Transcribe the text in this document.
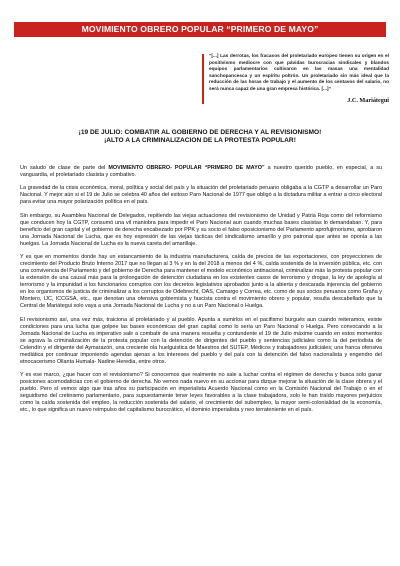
MOVIMIENTO OBRERO POPULAR “PRIMERO DE MAYO”

“[...] Las derrotas, los fracasos del proletariado europeo tienen su origen en el positivismo mediocre con que pávidas burocracias sindicales y blandos equipos parlamentarios cultivaron en las masas una mentalidad sanchopancesca y un espíritu poltrón. Un proletariado sin más ideal que la reducción de las horas de trabajo y el aumento de los centavos del salario, no será nunca capaz de una gran empresa histórica. [...]”

J.C. Mariátegui
¡19 DE JULIO: COMBATIR AL GOBIERNO DE DERECHA Y AL REVISIONISMO!
¡ALTO A LA CRIMINALIZACION DE LA PROTESTA POPULAR!

Un saludo de clase de parte del MOVIMIENTO OBRERO- POPULAR “PRIMERO DE MAYO” a nuestro querido pueblo, en especial, a su vanguardia, el proletariado clasista y combativo.

La gravedad de la crisis económica, moral, política y social del país y la situación del proletariado peruano obligaba a la CGTP a desarrollar un Paro Nacional. Y mejor aún si el 19 de Julio se celebra 40 años del exitoso Paro Nacional de 1977 que obligó a la dictadura militar a entrar a circo electoral para evitar una mayor polarización política en el país.

Sin embargo, su Asamblea Nacional de Delegados, repitiendo las viejas actuaciones del revisionismo de Unidad y Patria Roja como del reformismo que conducen hoy la CGTP, consumó una vil maniobra para impedir el Paro Nacional aun cuando muchas bases clasistas lo demandaban. Y, para beneficio del gran capital y el gobierno de derecha encabezado por PPK y su socio el falso oposicionismo del Parlamento aprofujimorismo, aprobaron una Jornada Nacional de Lucha, que es hoy expresión de las viejas tácticas del sindicalismo amarillo y pro patronal que antes se oponía a las huelgas. La Jornada Nacional de Lucha es la nueva careta del amarillaje.

Y es que en momentos donde hay un estancamiento de la industria manufacturera, caída de precios de las exportaciones, con proyecciones de crecimiento del Producto Bruto Interno 2017 que no llegan al 3 % y en la del 2018 a menos del 4 %, caída sostenida de la inversión pública, etc. con una convivencia del Parlamento y del gobierno de Derecha para mantener el modelo económico antinacional, criminalizar más la protesta popular con la extensión de una causal más para la prolongación de detención ciudadana en los existentes casos de terrorismo y drogas, la ley de apología al terrorismo y la impunidad a los funcionarios corruptos con los decretos legislativos aprobados junto a la abierta y descarada injerencia del gobierno en los organismos de justicia de criminalizar a los corruptos de Odebrecht, OAS, Camargo y Correa, etc. como de sus socios peruanos como Graña y Montero, IJC, ICCGSA, etc., que denotan una ofensiva gobiernista y fascista contra el movimiento obrero y popular, resulta descabellado que la Central de Mariátegui solo vaya a una Jornada Nacional de Lucha y no a un Paro Nacional o Huelga.

El revisionismo así, una vez más, traiciona al proletariado y al pueblo. Apunta a sumirlos en el pacifismo burgués aun cuando reiteramos, existe condiciones para una lucha que golpee las bases económicas del gran capital como lo sería un Paro Nacional o Huelga. Pero convocando a la Jornada Nacional de Lucha es imperativo salir a combatir de una manera resuelta y contundente el 19 de Julio máxime cuando en estos momentos se agrava la criminalización de la protesta popular con la detención de dirigentes del pueblo y sentencias judiciales como la del periodista de Celendín y el dirigente del Aymarazón, una creciente ola huelguistica de Maestros del SUTEP, Médicos y trabajadores judiciales; una franca ofensiva mediática por continuar imponiendo agendas ajenas a los intereses del pueblo y del país con la detención del falso nacionalista y engendro del etnocacerismo Ollanta Humala- Nadine Heredia, entre otros.

Y es ese marco, ¿que hacer con el revisionismo? Si conocemos que realmente no sale a luchar contra el régimen de derecha y busca solo ganar posiciones acomodaticias con el gobierno de derecha. No vemos nada nuevo en su accionar para dizque mejorar la situación de la clase obrera y el pueblo. Pero sí vemos algo que tras años su participación en imperialista Acuerdo Nacional como en la Comisión Nacional del Trabajo o en el seguidismo del cretinismo parlamentario, para supuestamente tener leyes favorables a la clase trabajadora, solo le han traído mayores perjuicios como la caída sostenida del empleo, la reducción sostenida del salario, el crecimiento del subempleo, la mayor semi-colonialidad de la economía, etc., lo que significa un nuevo reimpulso del capitalismo burocrático, el dominio imperialista y neo terrateniente en el país.
